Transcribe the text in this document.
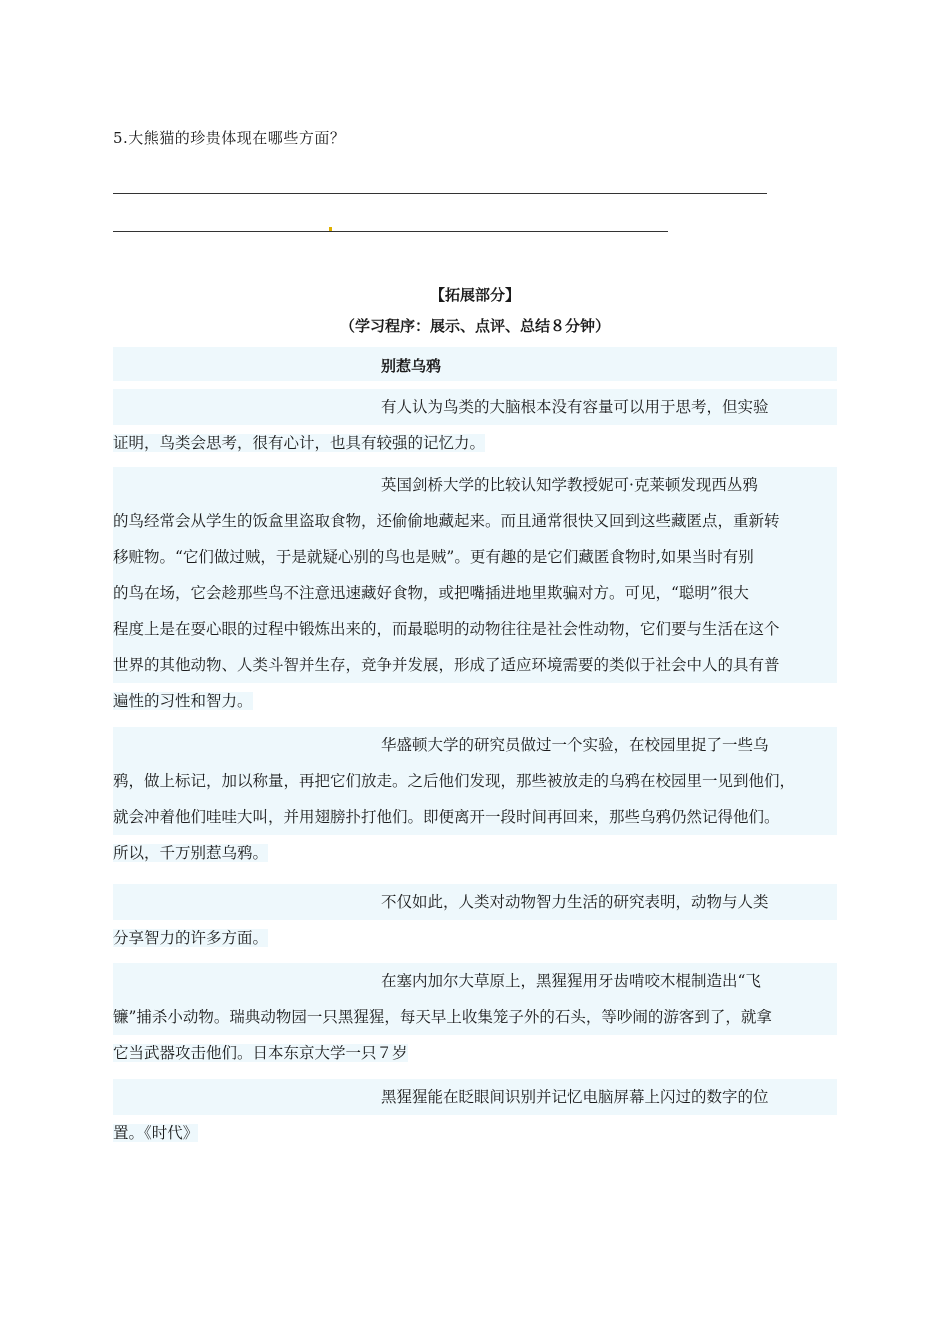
5.大熊猫的珍贵体现在哪些方面？
【拓展部分】
（学习程序：展示、点评、总结８分钟）
别惹乌鸦
有人认为鸟类的大脑根本没有容量可以用于思考，但实验
证明，鸟类会思考，很有心计，也具有较强的记忆力。
英国剑桥大学的比较认知学教授妮可·克莱顿发现西丛鸦
的鸟经常会从学生的饭盒里盗取食物，还偷偷地藏起来。而且通常很快又回到这些藏匿点，重新转
移赃物。“它们做过贼，于是就疑心别的鸟也是贼”。更有趣的是它们藏匿食物时,如果当时有别
的鸟在场，它会趁那些鸟不注意迅速藏好食物，或把嘴插进地里欺骗对方。可见，“聪明”很大
程度上是在耍心眼的过程中锻炼出来的，而最聪明的动物往往是社会性动物，它们要与生活在这个
世界的其他动物、人类斗智并生存，竞争并发展，形成了适应环境需要的类似于社会中人的具有普
遍性的习性和智力。
华盛顿大学的研究员做过一个实验，在校园里捉了一些乌
鸦，做上标记，加以称量，再把它们放走。之后他们发现，那些被放走的乌鸦在校园里一见到他们，
就会冲着他们哇哇大叫，并用翅膀扑打他们。即便离开一段时间再回来，那些乌鸦仍然记得他们。
所以，千万别惹乌鸦。
不仅如此，人类对动物智力生活的研究表明，动物与人类
分享智力的许多方面。
在塞内加尔大草原上，黑猩猩用牙齿啃咬木棍制造出“飞
镰”捕杀小动物。瑞典动物园一只黑猩猩，每天早上收集笼子外的石头，等吵闹的游客到了，就拿
它当武器攻击他们。日本东京大学一只７岁
黑猩猩能在眨眼间识别并记忆电脑屏幕上闪过的数字的位
置。《时代》
